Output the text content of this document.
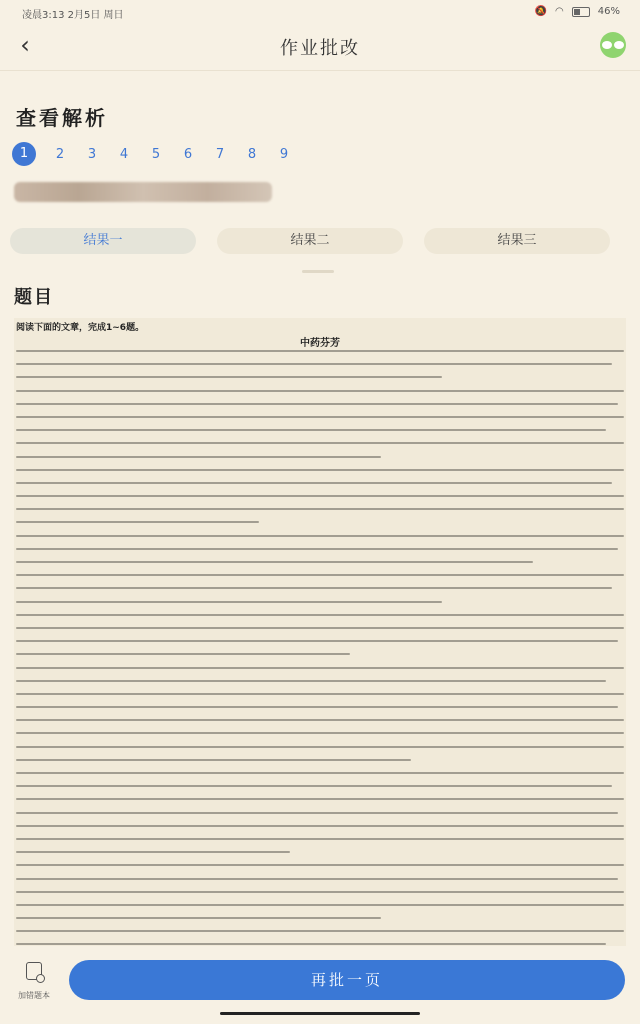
凌晨3:13 2月5日 周日	🔕 ◠	46%
‹	作业批改
查看解析
1	2	3	4	5	6	7	8	9
结果一	结果二	结果三
题目
阅读下面的文章，完成1~6题。
中药芬芳
加错题本
再批一页
